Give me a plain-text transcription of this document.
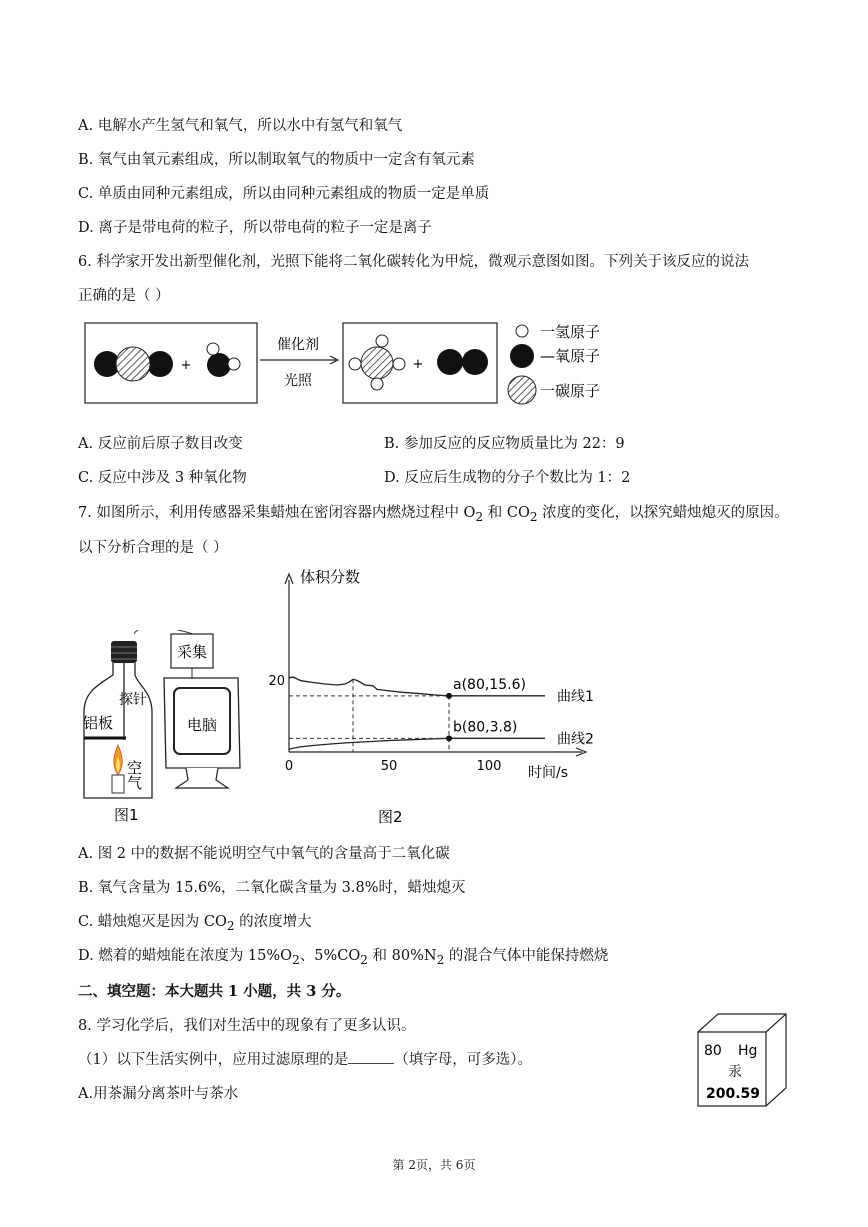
A. 电解水产生氢气和氧气，所以水中有氢气和氧气
B. 氧气由氧元素组成，所以制取氧气的物质中一定含有氧元素
C. 单质由同种元素组成，所以由同种元素组成的物质一定是单质
D. 离子是带电荷的粒子，所以带电荷的粒子一定是离子
6. 科学家开发出新型催化剂，光照下能将二氧化碳转化为甲烷，微观示意图如图。下列关于该反应的说法
正确的是（ ）
+
催化剂
光照
+
一氢原子
—氧原子
一碳原子
A. 反应前后原子数目改变	B. 参加反应的反应物质量比为 22：9
C. 反应中涉及 3 种氧化物	D. 反应后生成物的分子个数比为 1：2
7. 如图所示，利用传感器采集蜡烛在密闭容器内燃烧过程中 $O_2$ 和 $CO_2$ 浓度的变化，以探究蜡烛熄灭的原因。
以下分析合理的是（ ）
采集
探针
铝板
空气
电脑
图1
体积分数
时间/s
图2
0	50	100
20
曲线1
曲线2
a(80,15.6)
b(80,3.8)
A. 图 2 中的数据不能说明空气中氧气的含量高于二氧化碳
B. 氧气含量为 15.6%，二氧化碳含量为 3.8%时，蜡烛熄灭
C. 蜡烛熄灭是因为 $CO_2$ 的浓度增大
D. 燃着的蜡烛能在浓度为 $15\%O_2$、$5\%CO_2$ 和 $80\%N_2$ 的混合气体中能保持燃烧
二、填空题：本大题共 1 小题，共 3 分。
8. 学习化学后，我们对生活中的现象有了更多认识。
（1）以下生活实例中，应用过滤原理的是	（填字母，可多选）。
A.用茶漏分离茶叶与茶水
80 Hg
汞
200.59
第 2页，共 6页
